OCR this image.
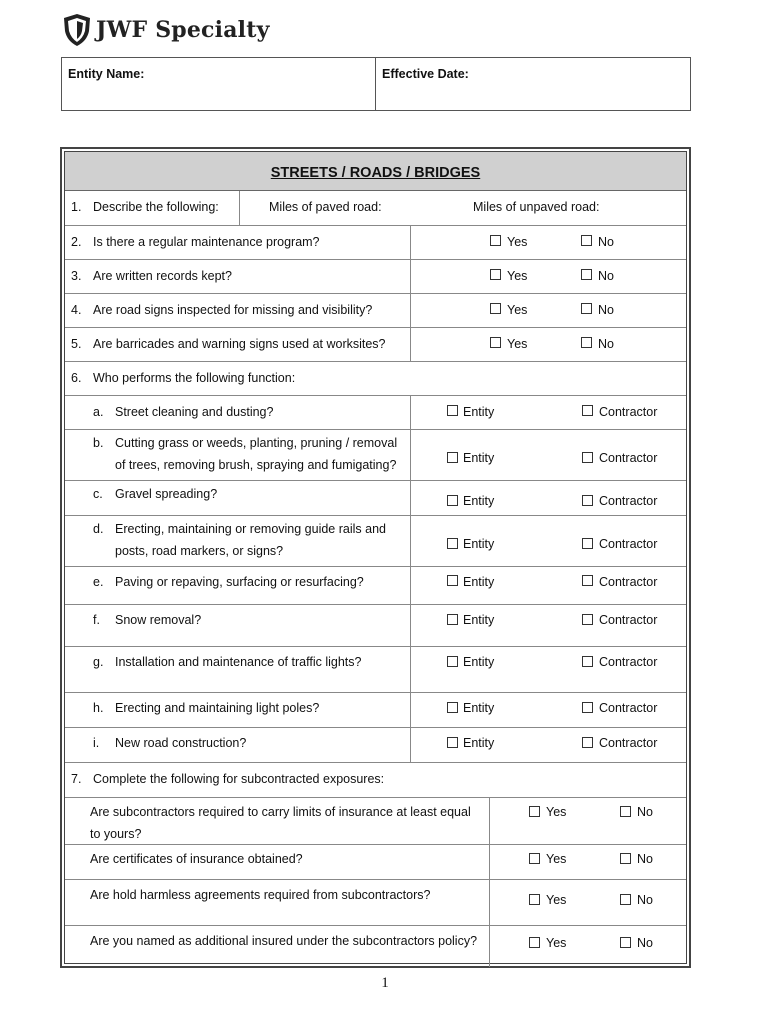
JWF Specialty
Entity Name:	Effective Date:
STREETS / ROADS / BRIDGES
1. Describe the following:	Miles of paved road:	Miles of unpaved road:
2. Is there a regular maintenance program?	Yes	No
3. Are written records kept?	Yes	No
4. Are road signs inspected for missing and visibility?	Yes	No
5. Are barricades and warning signs used at worksites?	Yes	No
6. Who performs the following function:
a. Street cleaning and dusting?	Entity	Contractor
b. Cutting grass or weeds, planting, pruning / removal
of trees, removing brush, spraying and fumigating?	Entity	Contractor
c. Gravel spreading?	Entity	Contractor
d. Erecting, maintaining or removing guide rails and
posts, road markers, or signs?	Entity	Contractor
e. Paving or repaving, surfacing or resurfacing?	Entity	Contractor
f. Snow removal?	Entity	Contractor
g. Installation and maintenance of traffic lights?	Entity	Contractor
h. Erecting and maintaining light poles?	Entity	Contractor
i. New road construction?	Entity	Contractor
7. Complete the following for subcontracted exposures:
Are subcontractors required to carry limits of insurance at least equal
to yours?
Yes	No
Are certificates of insurance obtained?	Yes	No
Are hold harmless agreements required from subcontractors?	Yes	No
Are you named as additional insured under the subcontractors policy?	Yes	No
1
